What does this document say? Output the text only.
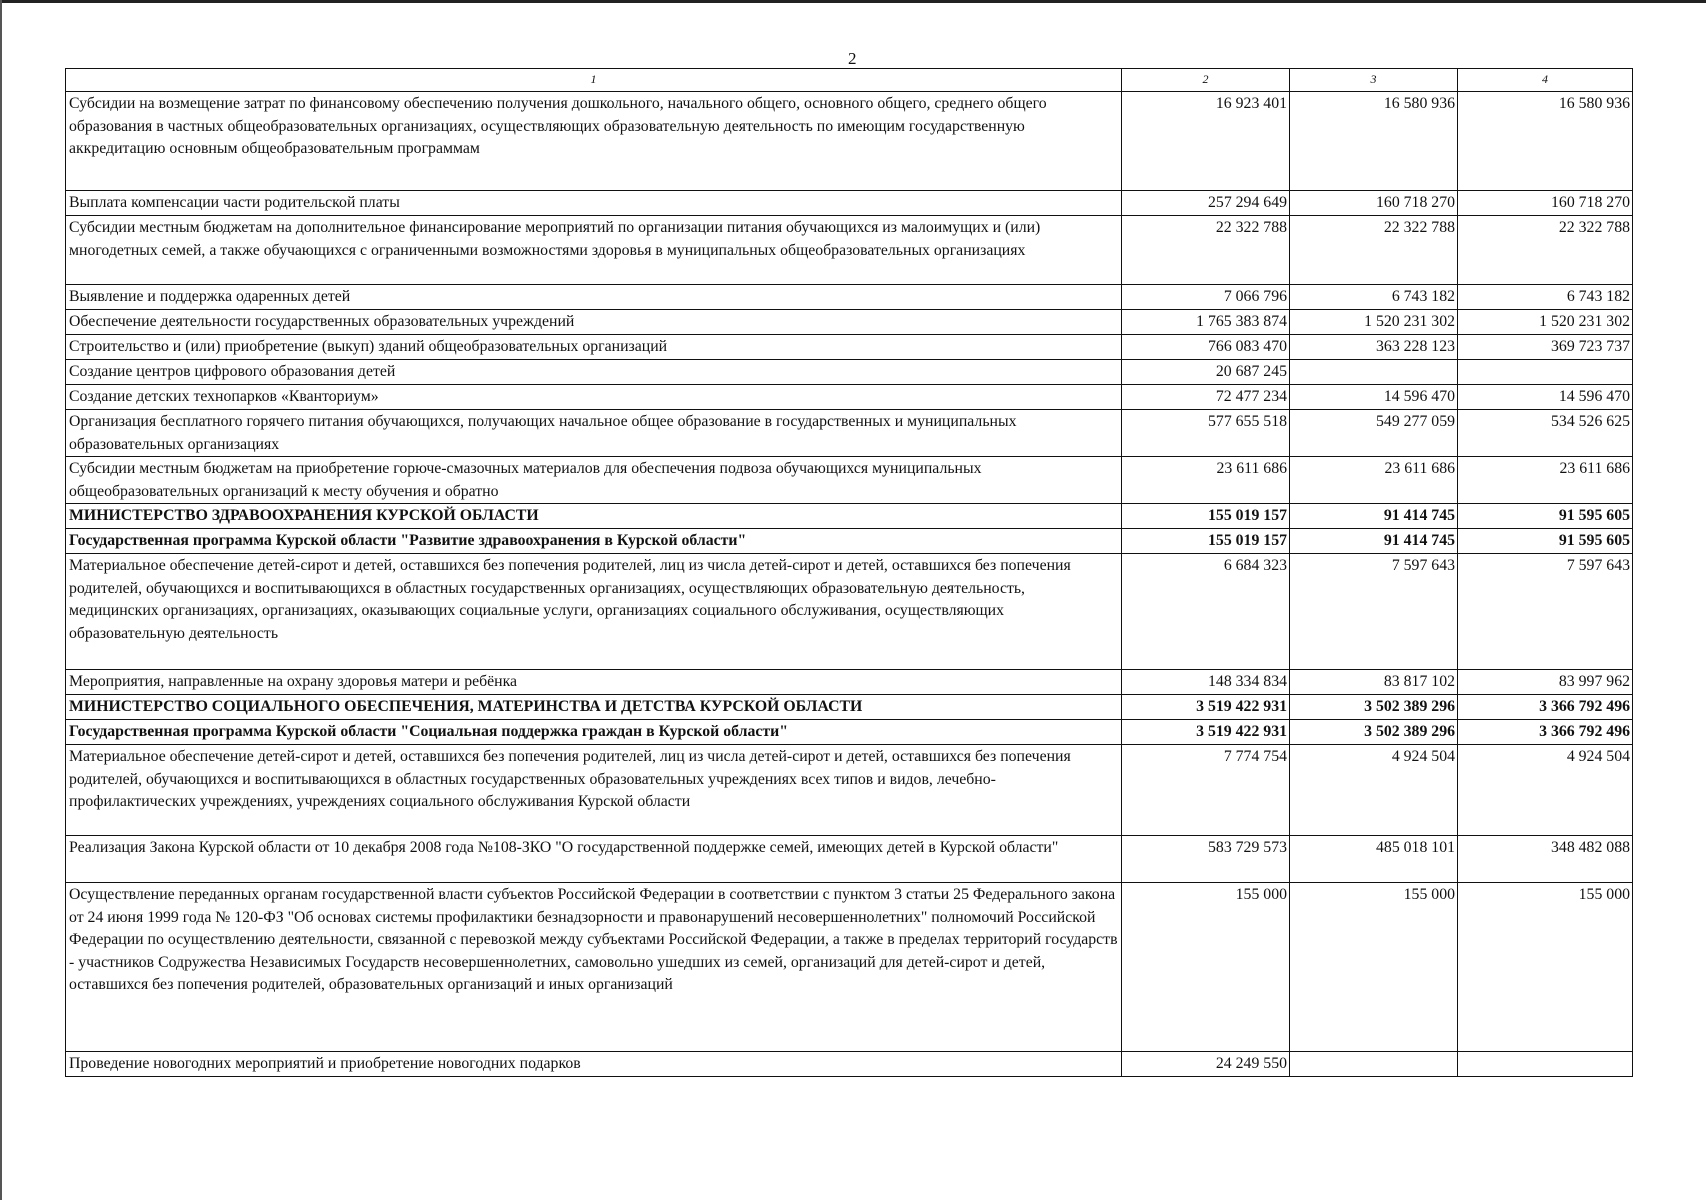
2
1	2	3	4
Субсидии на возмещение затрат по финансовому обеспечению получения дошкольного, начального общего, основного общего, среднего общего образования в частных общеобразовательных организациях, осуществляющих образовательную деятельность по имеющим государственную аккредитацию основным общеобразовательным программам	16 923 401	16 580 936	16 580 936
Выплата компенсации части родительской платы	257 294 649	160 718 270	160 718 270
Субсидии местным бюджетам на дополнительное финансирование мероприятий по организации питания обучающихся из малоимущих и (или) многодетных семей, а также обучающихся с ограниченными возможностями здоровья в муниципальных общеобразовательных организациях	22 322 788	22 322 788	22 322 788
Выявление и поддержка одаренных детей	7 066 796	6 743 182	6 743 182
Обеспечение деятельности государственных образовательных учреждений	1 765 383 874	1 520 231 302	1 520 231 302
Строительство и (или) приобретение (выкуп) зданий общеобразовательных организаций	766 083 470	363 228 123	369 723 737
Создание центров цифрового образования детей	20 687 245		
Создание детских технопарков «Кванториум»	72 477 234	14 596 470	14 596 470
Организация бесплатного горячего питания обучающихся, получающих начальное общее образование в государственных и муниципальных образовательных организациях	577 655 518	549 277 059	534 526 625
Субсидии местным бюджетам на приобретение горюче-смазочных материалов для обеспечения подвоза обучающихся муниципальных общеобразовательных организаций к месту обучения и обратно	23 611 686	23 611 686	23 611 686
МИНИСТЕРСТВО ЗДРАВООХРАНЕНИЯ КУРСКОЙ ОБЛАСТИ	155 019 157	91 414 745	91 595 605
Государственная программа Курской области "Развитие здравоохранения в Курской области"	155 019 157	91 414 745	91 595 605
Материальное обеспечение детей-сирот и детей, оставшихся без попечения родителей, лиц из числа детей-сирот и детей, оставшихся без попечения родителей, обучающихся и воспитывающихся в областных государственных организациях, осуществляющих образовательную деятельность, медицинских организациях, организациях, оказывающих социальные услуги, организациях социального обслуживания, осуществляющих образовательную деятельность	6 684 323	7 597 643	7 597 643
Мероприятия, направленные на охрану здоровья матери и ребёнка	148 334 834	83 817 102	83 997 962
МИНИСТЕРСТВО СОЦИАЛЬНОГО ОБЕСПЕЧЕНИЯ, МАТЕРИНСТВА И ДЕТСТВА КУРСКОЙ ОБЛАСТИ	3 519 422 931	3 502 389 296	3 366 792 496
Государственная программа Курской области "Социальная поддержка граждан в Курской области"	3 519 422 931	3 502 389 296	3 366 792 496
Материальное обеспечение детей-сирот и детей, оставшихся без попечения родителей, лиц из числа детей-сирот и детей, оставшихся без попечения родителей, обучающихся и воспитывающихся в областных государственных образовательных учреждениях всех типов и видов, лечебно-профилактических учреждениях, учреждениях социального обслуживания Курской области	7 774 754	4 924 504	4 924 504
Реализация Закона Курской области от 10 декабря 2008 года №108-ЗКО "О государственной поддержке семей, имеющих детей в Курской области"	583 729 573	485 018 101	348 482 088
Осуществление переданных органам государственной власти субъектов Российской Федерации в соответствии с пунктом 3 статьи 25 Федерального закона от 24 июня 1999 года № 120-ФЗ "Об основах системы профилактики безнадзорности и правонарушений несовершеннолетних" полномочий Российской Федерации по осуществлению деятельности, связанной с перевозкой между субъектами Российской Федерации, а также в пределах территорий государств - участников Содружества Независимых Государств несовершеннолетних, самовольно ушедших из семей, организаций для детей-сирот и детей, оставшихся без попечения родителей, образовательных организаций и иных организаций	155 000	155 000	155 000
Проведение новогодних мероприятий и приобретение новогодних подарков	24 249 550		
